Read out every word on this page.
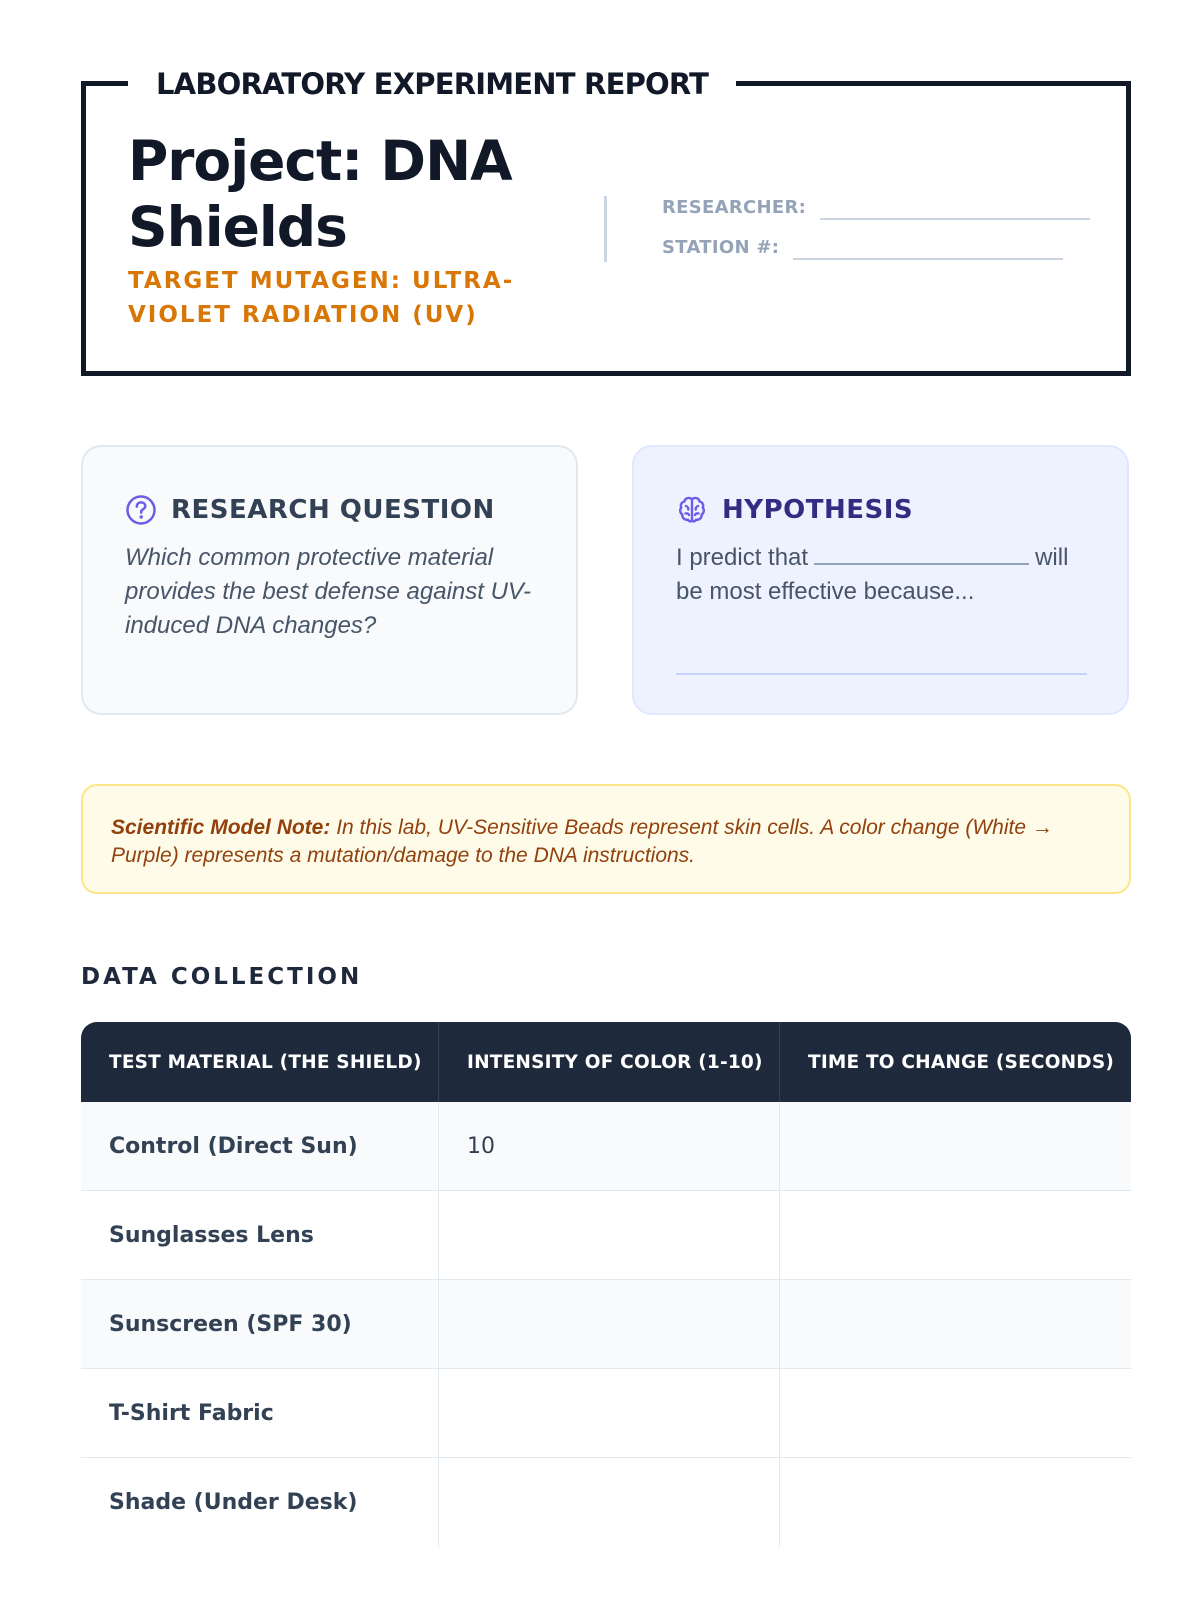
LABORATORY EXPERIMENT REPORT
Project: DNA Shields
TARGET MUTAGEN: ULTRA-VIOLET RADIATION (UV)
RESEARCHER:
STATION #:
RESEARCH QUESTION

Which common protective material provides the best defense against UV-induced DNA changes?

HYPOTHESIS

I predict that	will be most effective because...

Scientific Model Note: In this lab, UV-Sensitive Beads represent skin cells. A color change (White → Purple) represents a mutation/damage to the DNA instructions.
DATA COLLECTION
TEST MATERIAL (THE SHIELD)	INTENSITY OF COLOR (1-10)	TIME TO CHANGE (SECONDS)
Control (Direct Sun)	10
Sunglasses Lens
Sunscreen (SPF 30)
T-Shirt Fabric
Shade (Under Desk)
